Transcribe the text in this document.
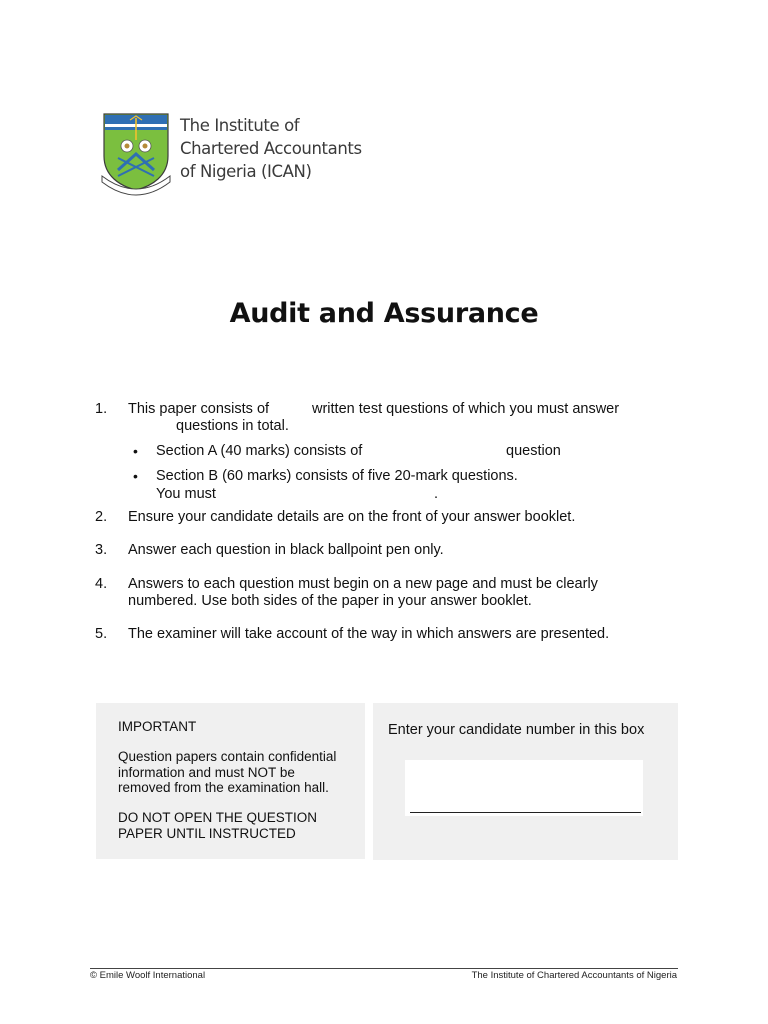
The Institute of
Chartered Accountants
of Nigeria (ICAN)
Audit and Assurance
1. This paper consists of	written test questions of which you must answer
questions in total.
• Section A (40 marks) consists of	question
• Section B (60 marks) consists of five 20-mark questions.
You must	.
2. Ensure your candidate details are on the front of your answer booklet.
3. Answer each question in black ballpoint pen only.
4. Answers to each question must begin on a new page and must be clearly
numbered. Use both sides of the paper in your answer booklet.
5. The examiner will take account of the way in which answers are presented.
IMPORTANT
Question papers contain confidential
information and must NOT be
removed from the examination hall.
DO NOT OPEN THE QUESTION
PAPER UNTIL INSTRUCTED
Enter your candidate number in this box
© Emile Woolf International	The Institute of Chartered Accountants of Nigeria
